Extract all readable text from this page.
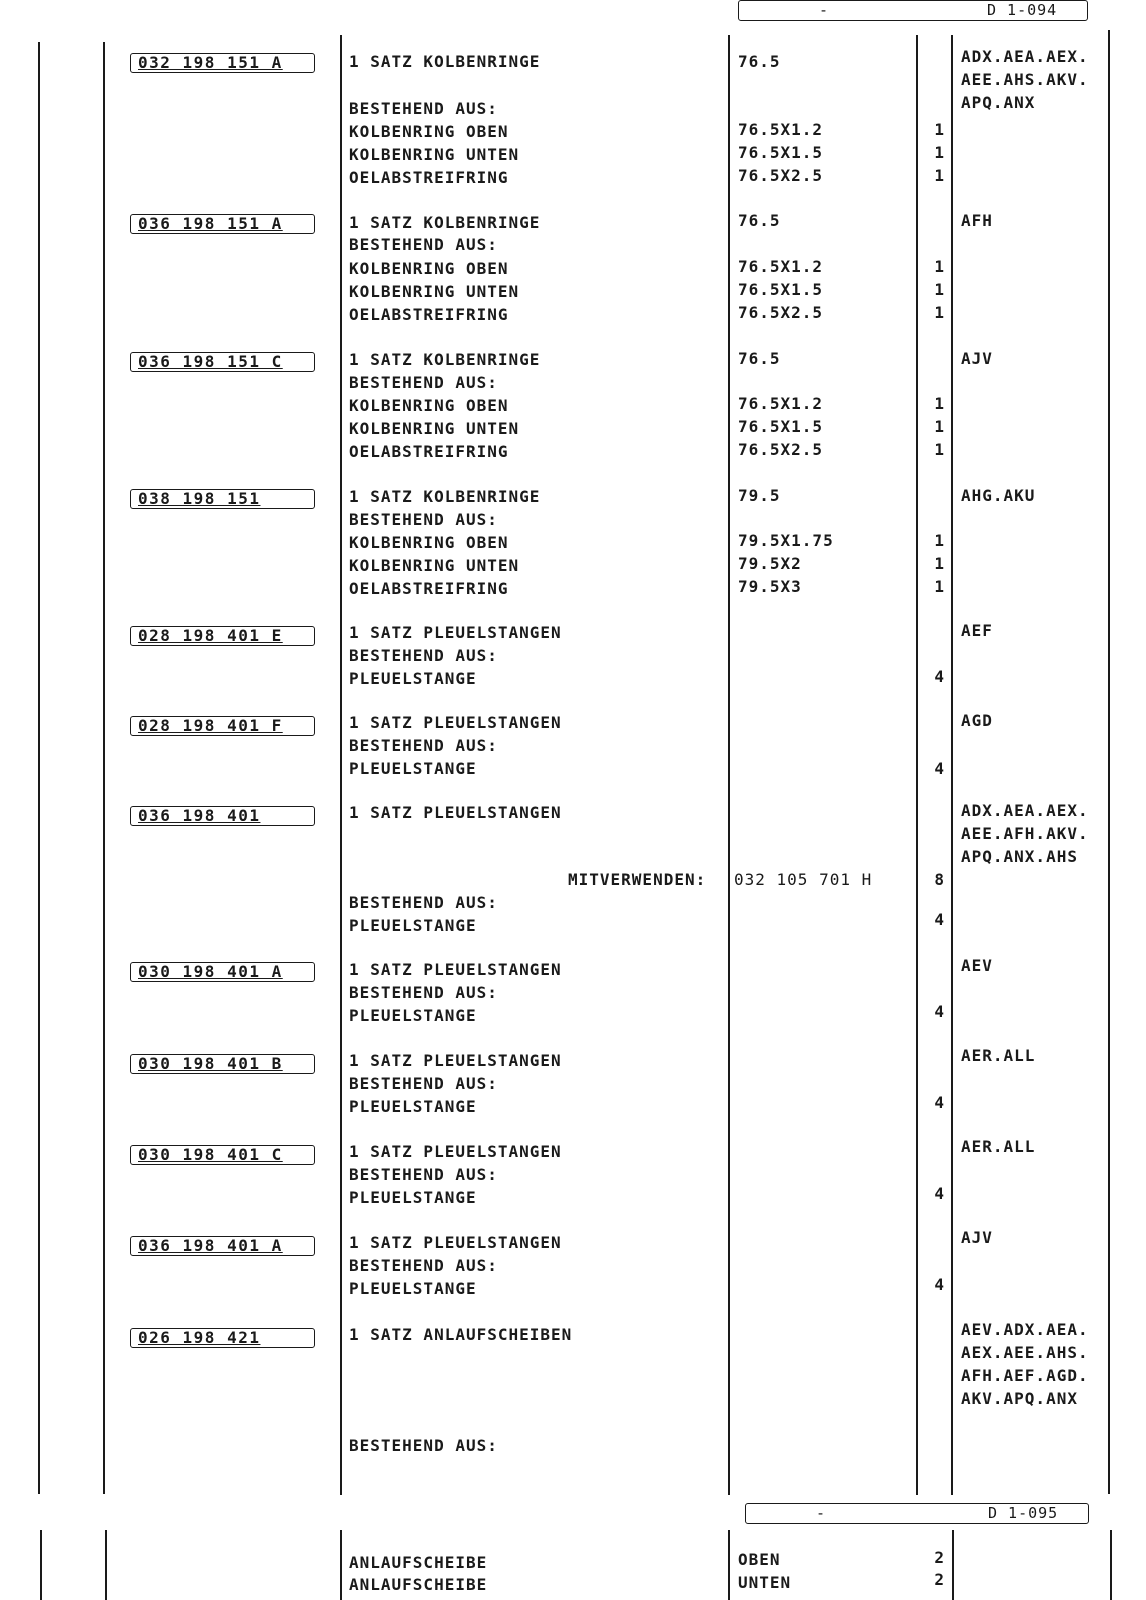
-	D 1-094
032 198 151 A	1 SATZ KOLBENRINGE	76.5	ADX.AEA.AEX.
AEE.AHS.AKV.
APQ.ANX
BESTEHEND AUS:
KOLBENRING OBEN	76.5X1.2	1
KOLBENRING UNTEN	76.5X1.5	1
OELABSTREIFRING	76.5X2.5	1
036 198 151 A	1 SATZ KOLBENRINGE	76.5	AFH
BESTEHEND AUS:
KOLBENRING OBEN	76.5X1.2	1
KOLBENRING UNTEN	76.5X1.5	1
OELABSTREIFRING	76.5X2.5	1
036 198 151 C	1 SATZ KOLBENRINGE	76.5	AJV
BESTEHEND AUS:
KOLBENRING OBEN	76.5X1.2	1
KOLBENRING UNTEN	76.5X1.5	1
OELABSTREIFRING	76.5X2.5	1
038 198 151	1 SATZ KOLBENRINGE	79.5	AHG.AKU
BESTEHEND AUS:
KOLBENRING OBEN	79.5X1.75	1
KOLBENRING UNTEN	79.5X2	1
OELABSTREIFRING	79.5X3	1
028 198 401 E	1 SATZ PLEUELSTANGEN	AEF
BESTEHEND AUS:
PLEUELSTANGE	4
028 198 401 F	1 SATZ PLEUELSTANGEN	AGD
BESTEHEND AUS:
PLEUELSTANGE	4
036 198 401	1 SATZ PLEUELSTANGEN	ADX.AEA.AEX.
AEE.AFH.AKV.
APQ.ANX.AHS
MITVERWENDEN: 032 105 701 H	8
BESTEHEND AUS:
PLEUELSTANGE	4
030 198 401 A	1 SATZ PLEUELSTANGEN	AEV
BESTEHEND AUS:
PLEUELSTANGE	4
030 198 401 B	1 SATZ PLEUELSTANGEN	AER.ALL
BESTEHEND AUS:
PLEUELSTANGE	4
030 198 401 C	1 SATZ PLEUELSTANGEN	AER.ALL
BESTEHEND AUS:
PLEUELSTANGE	4
036 198 401 A	1 SATZ PLEUELSTANGEN	AJV
BESTEHEND AUS:
PLEUELSTANGE	4
026 198 421	1 SATZ ANLAUFSCHEIBEN	AEV.ADX.AEA.
AEX.AEE.AHS.
AFH.AEF.AGD.
AKV.APQ.ANX
BESTEHEND AUS:
-	D 1-095
ANLAUFSCHEIBE	OBEN	2
ANLAUFSCHEIBE	UNTEN	2
